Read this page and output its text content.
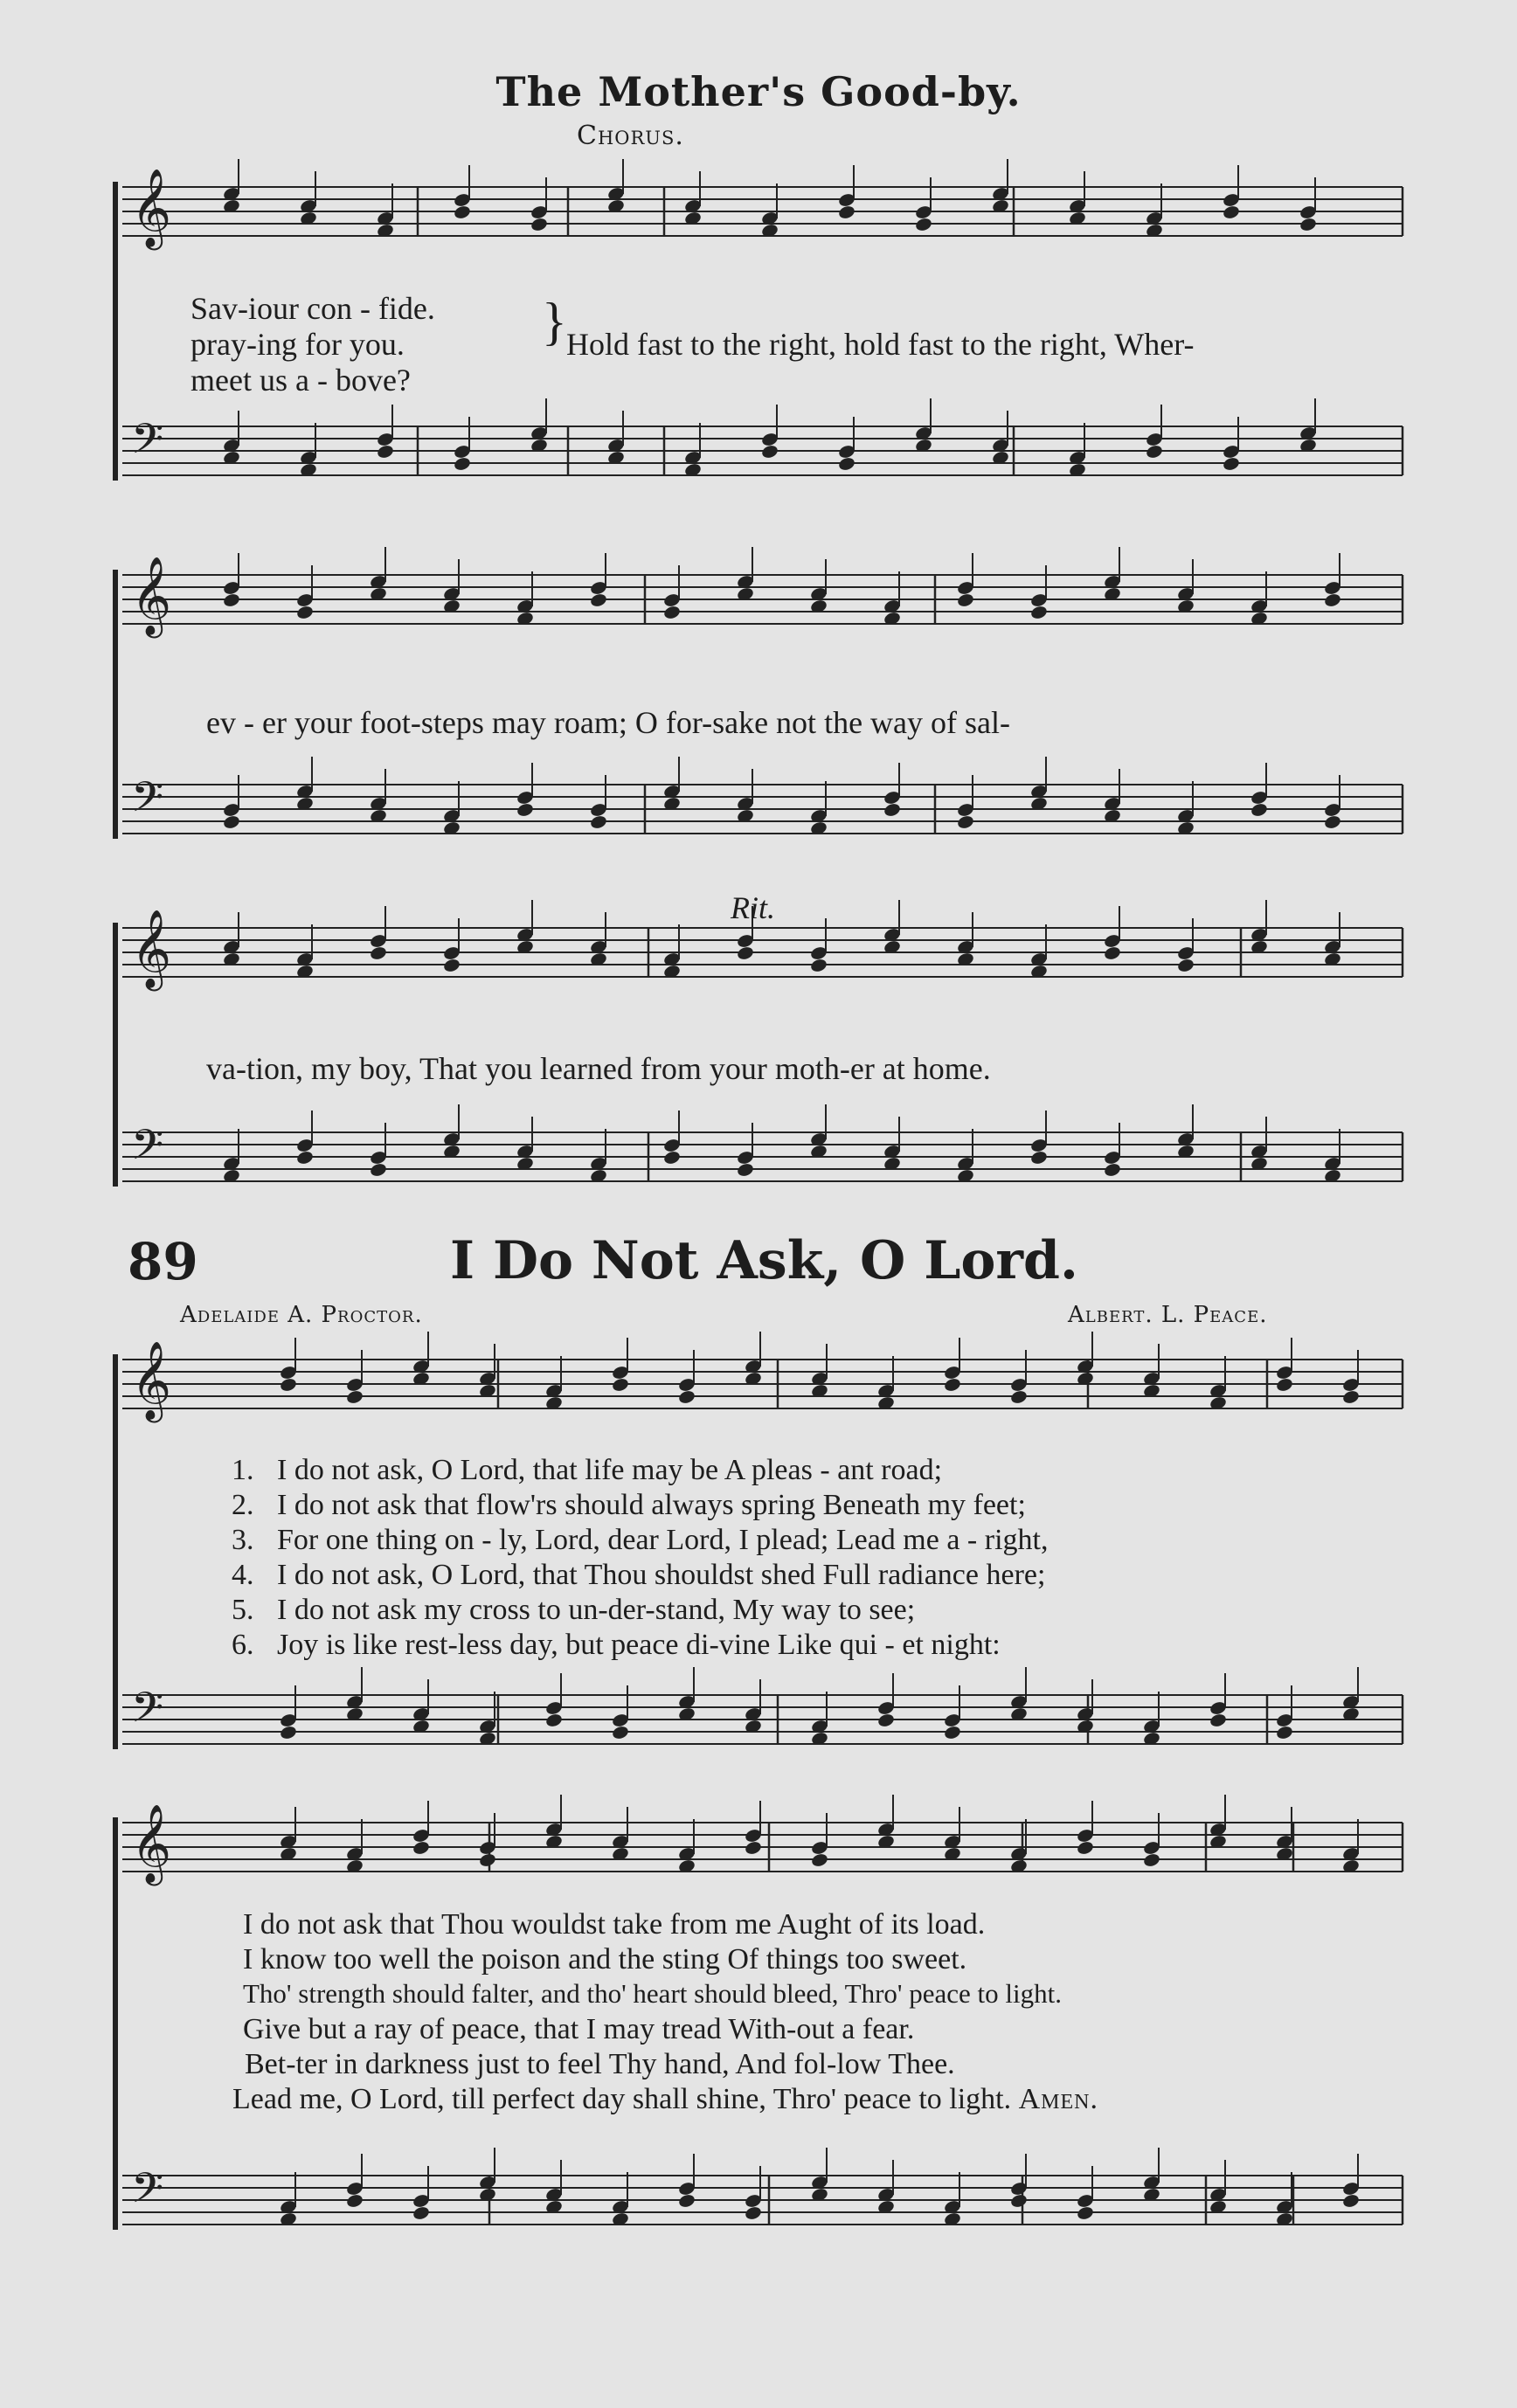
𝄞
𝄢
𝄞
𝄢
𝄞
𝄢
𝄞
𝄢
𝄞
𝄢
The Mother's Good-by.
Chorus.
Sav-iour con - fide.
pray-ing for you.
meet us a - bove?
} Hold fast to the right, hold fast to the right, Wher-
ev - er your foot-steps may roam; O for-sake not the way of sal-
Rit.
va-tion, my boy, That you learned from your moth-er at home.
89	I Do Not Ask, O Lord.
Adelaide A. Proctor.	Albert. L. Peace.
1. I do not ask, O Lord, that life may be A pleas - ant road;
2. I do not ask that flow'rs should always spring Beneath my feet;
3. For one thing on - ly, Lord, dear Lord, I plead; Lead me a - right,
4. I do not ask, O Lord, that Thou shouldst shed Full radiance here;
5. I do not ask my cross to un-der-stand, My way to see;
6. Joy is like rest-less day, but peace di-vine Like qui - et night:
I do not ask that Thou wouldst take from me Aught of its load.
I know too well the poison and the sting Of things too sweet.
Tho' strength should falter, and tho' heart should bleed, Thro' peace to light.
Give but a ray of peace, that I may tread With-out a fear.
Bet-ter in darkness just to feel Thy hand, And fol-low Thee.
Lead me, O Lord, till perfect day shall shine, Thro' peace to light. Amen.
